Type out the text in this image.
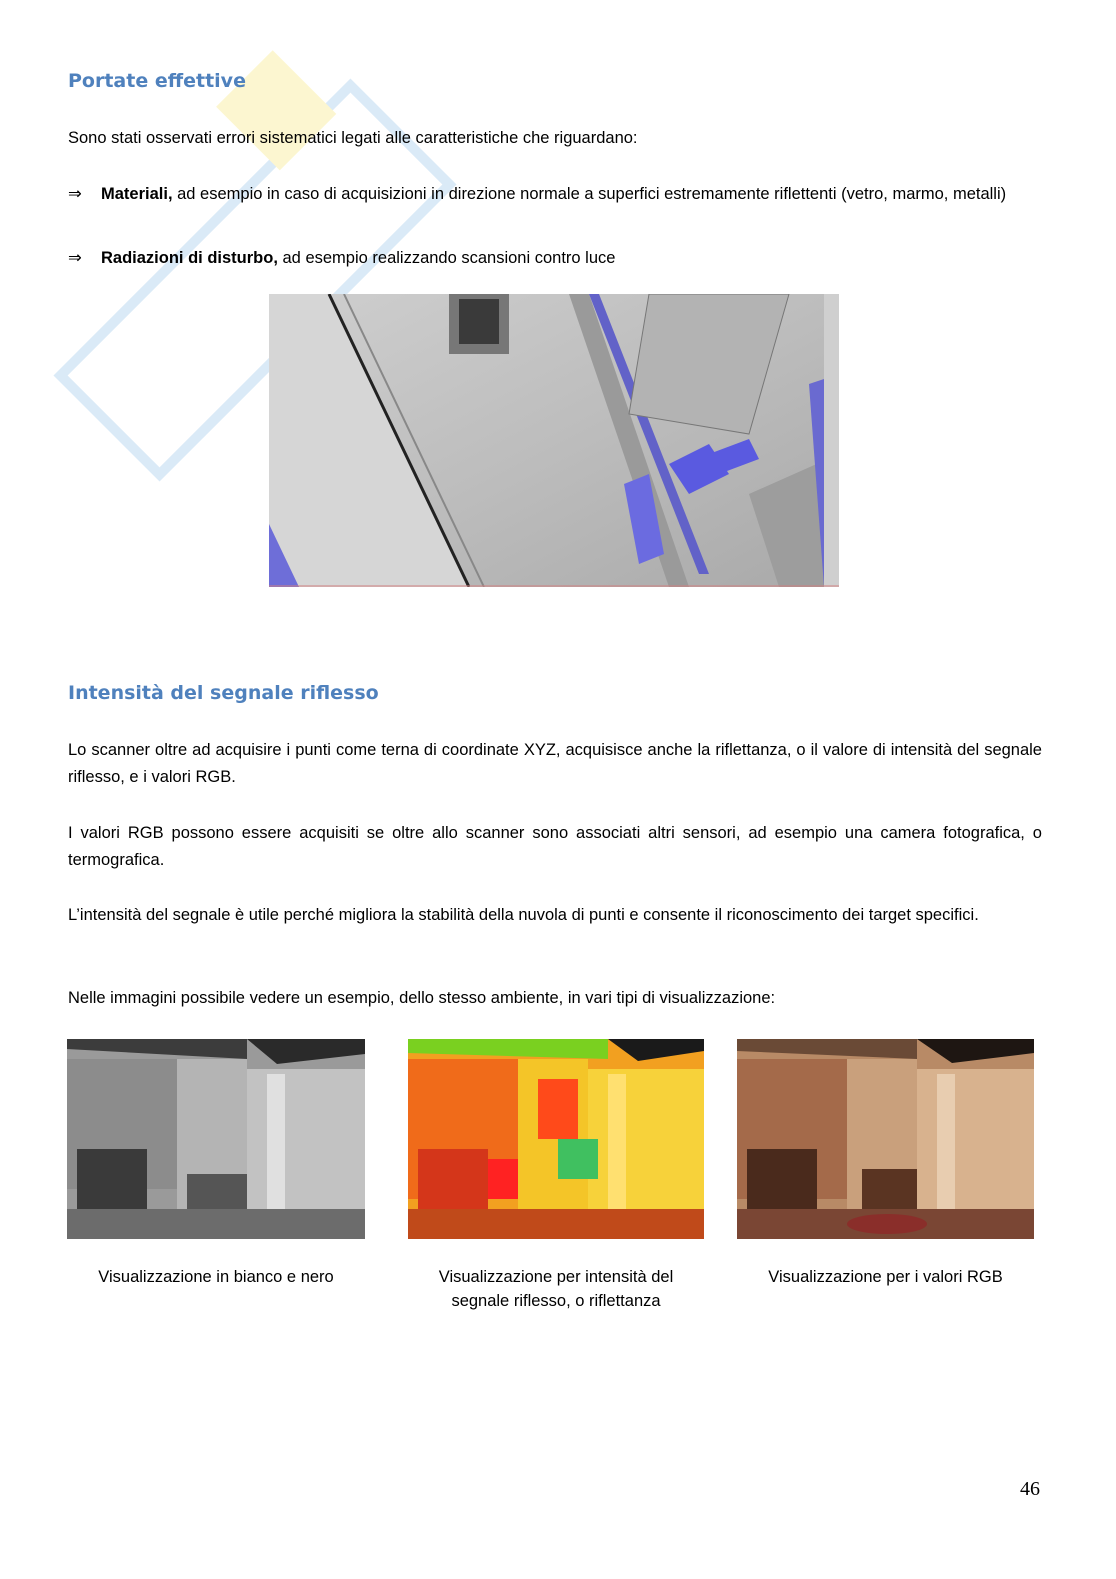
Portate effettive
Sono stati osservati errori sistematici legati alle caratteristiche che riguardano:
⇒	Materiali, ad esempio in caso di acquisizioni in direzione normale a superfici estremamente riflettenti (vetro, marmo, metalli)
⇒	Radiazioni di disturbo, ad esempio realizzando scansioni contro luce
Intensità del segnale riflesso
Lo scanner oltre ad acquisire i punti come terna di coordinate XYZ, acquisisce anche la riflettanza, o il valore di intensità del segnale riflesso, e i valori RGB.
I valori RGB possono essere acquisiti se oltre allo scanner sono associati altri sensori, ad esempio una camera fotografica, o termografica.
L’intensità del segnale è utile perché migliora la stabilità della nuvola di punti e consente il riconoscimento dei target specifici.
Nelle immagini possibile vedere un esempio, dello stesso ambiente, in vari tipi di visualizzazione:
Visualizzazione in bianco e nero	Visualizzazione per intensità del segnale riflesso, o riflettanza
Visualizzazione per i valori RGB
46
